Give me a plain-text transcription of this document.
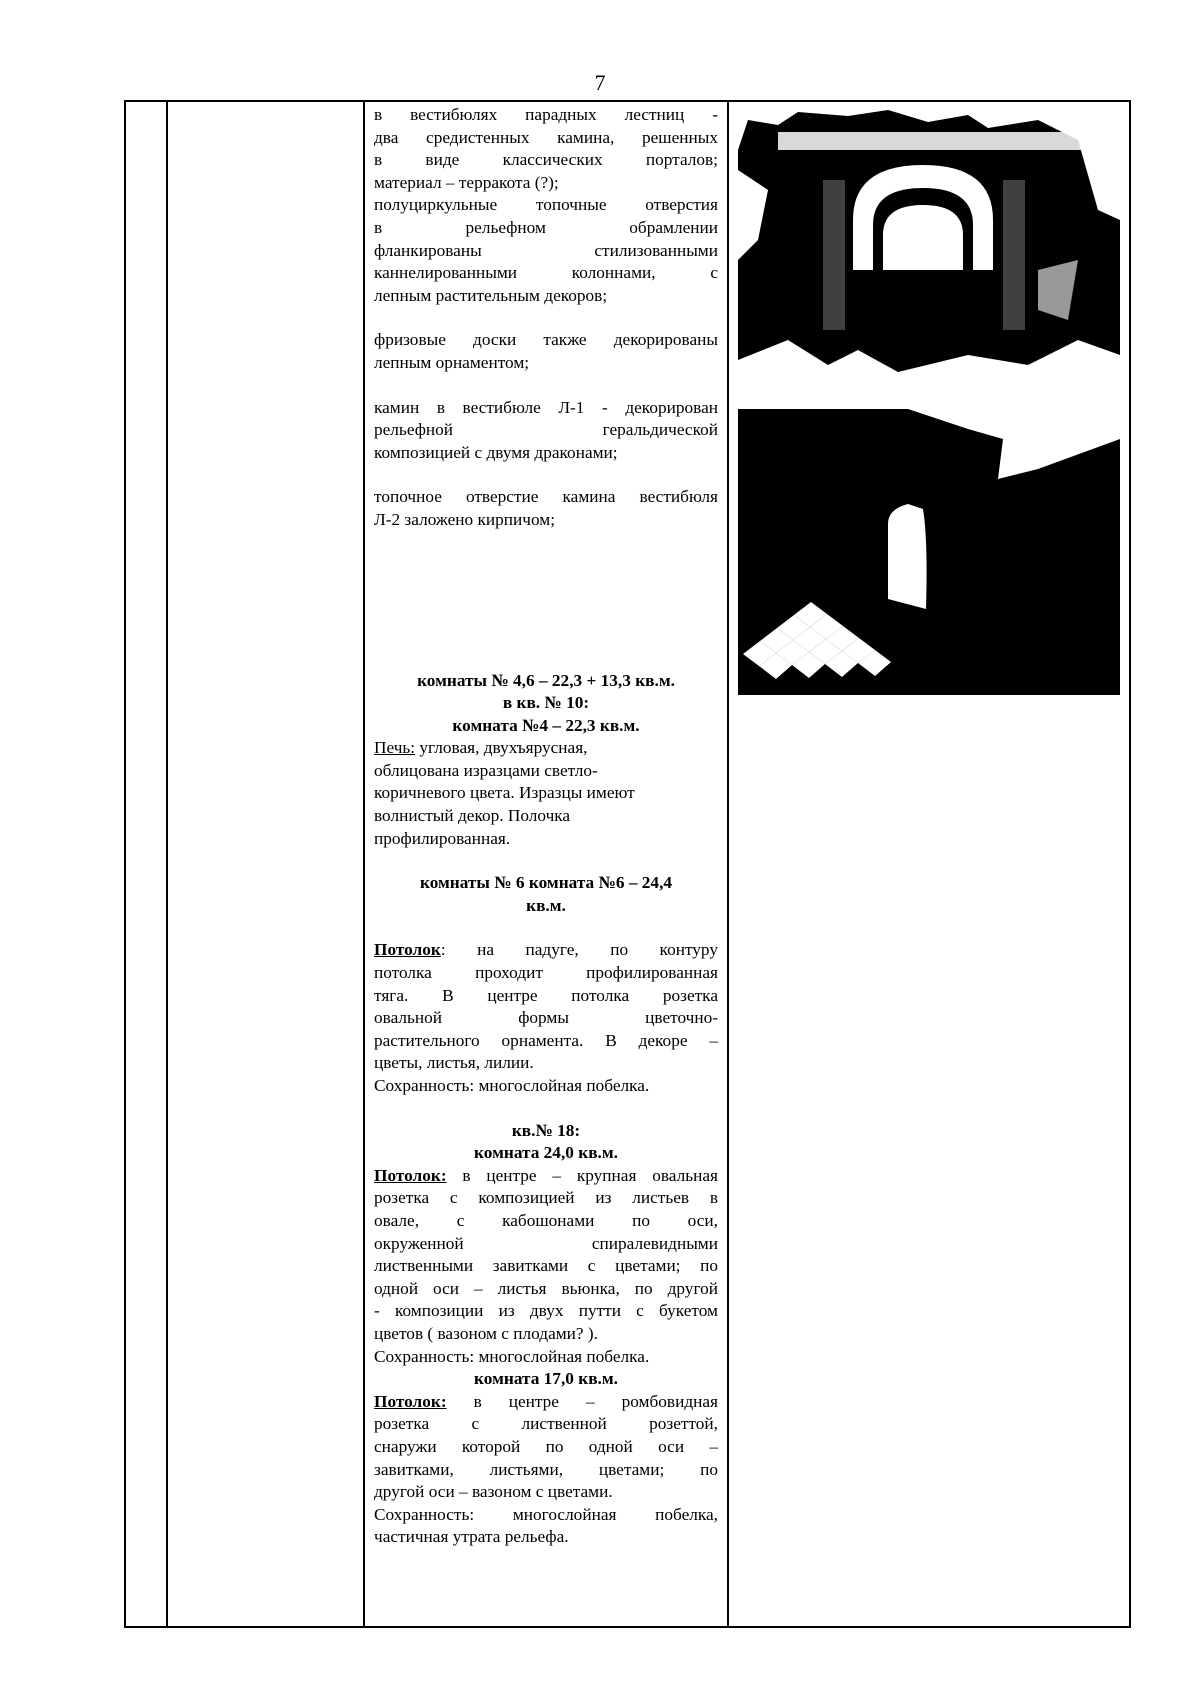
7

в вестибюлях парадных лестниц -

два средистенных камина, решенных

в виде классических порталов;

материал – терракота (?);

полуциркульные топочные отверстия

в рельефном обрамлении

фланкированы стилизованными

каннелированными колоннами, с

лепным растительным декоров;

фризовые доски также декорированы

лепным орнаментом;

камин в вестибюле Л-1 - декорирован

рельефной геральдической

композицией с двумя драконами;

топочное отверстие камина вестибюля

Л-2 заложено кирпичом;

комнаты № 4,6 – 22,3 + 13,3 кв.м.

в кв. № 10:

комната №4 – 22,3 кв.м.

Печь: угловая, двухъярусная,

облицована изразцами светло-

коричневого цвета. Изразцы имеют

волнистый декор. Полочка

профилированная.

комнаты № 6 комната №6 – 24,4

кв.м.

Потолок: на падуге, по контуру

потолка проходит профилированная

тяга. В центре потолка розетка

овальной формы цветочно-

растительного орнамента. В декоре –

цветы, листья, лилии.

Сохранность: многослойная побелка.

кв.№ 18:

комната 24,0 кв.м.

Потолок: в центре – крупная овальная

розетка с композицией из листьев в

овале, с кабошонами по оси,

окруженной спиралевидными

лиственными завитками с цветами; по

одной оси – листья вьюнка, по другой

- композиции из двух путти с букетом

цветов ( вазоном с плодами? ).

Сохранность: многослойная побелка.

комната 17,0 кв.м.

Потолок: в центре – ромбовидная

розетка с лиственной розеттой,

снаружи которой по одной оси –

завитками, листьями, цветами; по

другой оси – вазоном с цветами.

Сохранность: многослойная побелка,

частичная утрата рельефа.
